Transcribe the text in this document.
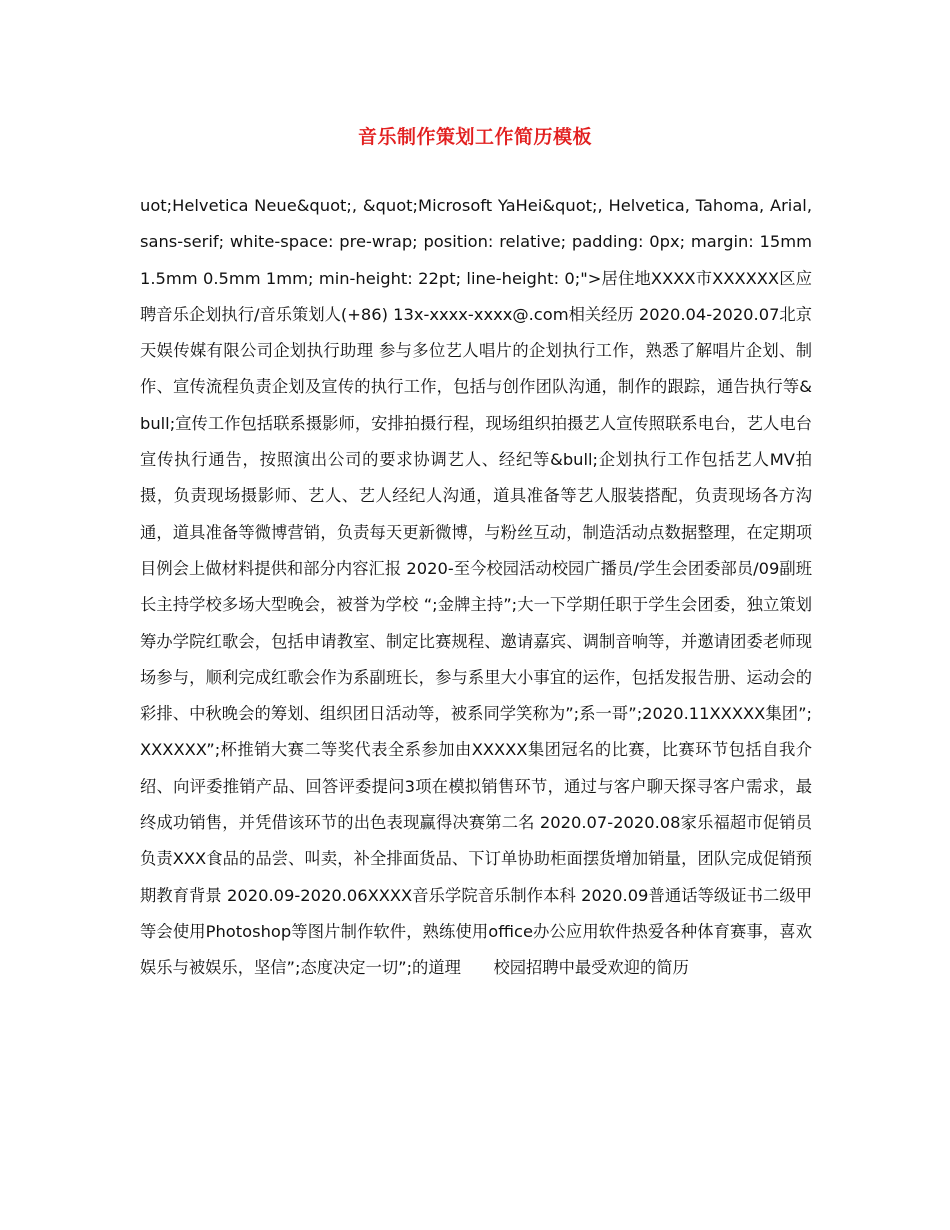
音乐制作策划工作简历模板

uot;Helvetica Neue&quot;, &quot;Microsoft YaHei&quot;, Helvetica, Tahoma, Arial, sans-serif; white-space: pre-wrap; position: relative; padding: 0px; margin: 15mm 1.5mm 0.5mm 1mm; min-height: 22pt; line-height: 0;">居住地XXXX市XXXXXX区应聘音乐企划执行/音乐策划人(+86) 13x-xxxx-xxxx@.com相关经历 2020.04-2020.07北京天娱传媒有限公司企划执行助理 参与多位艺人唱片的企划执行工作，熟悉了解唱片企划、制作、宣传流程负责企划及宣传的执行工作，包括与创作团队沟通，制作的跟踪，通告执行等&bull;宣传工作包括联系摄影师，安排拍摄行程，现场组织拍摄艺人宣传照联系电台，艺人电台宣传执行通告，按照演出公司的要求协调艺人、经纪等&bull;企划执行工作包括艺人MV拍摄，负责现场摄影师、艺人、艺人经纪人沟通，道具准备等艺人服装搭配，负责现场各方沟通，道具准备等微博营销，负责每天更新微博，与粉丝互动，制造活动点数据整理，在定期项目例会上做材料提供和部分内容汇报 2020-至今校园活动校园广播员/学生会团委部员/09副班长主持学校多场大型晚会，被誉为学校 “;金牌主持”;大一下学期任职于学生会团委，独立策划筹办学院红歌会，包括申请教室、制定比赛规程、邀请嘉宾、调制音响等，并邀请团委老师现场参与，顺利完成红歌会作为系副班长，参与系里大小事宜的运作，包括发报告册、运动会的彩排、中秋晚会的筹划、组织团日活动等，被系同学笑称为”;系一哥”;2020.11XXXXX集团”;XXXXXX”;杯推销大赛二等奖代表全系参加由XXXXX集团冠名的比赛，比赛环节包括自我介绍、向评委推销产品、回答评委提问3项在模拟销售环节，通过与客户聊天探寻客户需求，最终成功销售，并凭借该环节的出色表现赢得决赛第二名 2020.07-2020.08家乐福超市促销员负责XXX食品的品尝、叫卖，补全排面货品、下订单协助柜面摆货增加销量，团队完成促销预期教育背景 2020.09-2020.06XXXX音乐学院音乐制作本科 2020.09普通话等级证书二级甲等会使用Photoshop等图片制作软件，熟练使用office办公应用软件热爱各种体育赛事，喜欢娱乐与被娱乐，坚信”;态度决定一切”;的道理　　校园招聘中最受欢迎的简历
